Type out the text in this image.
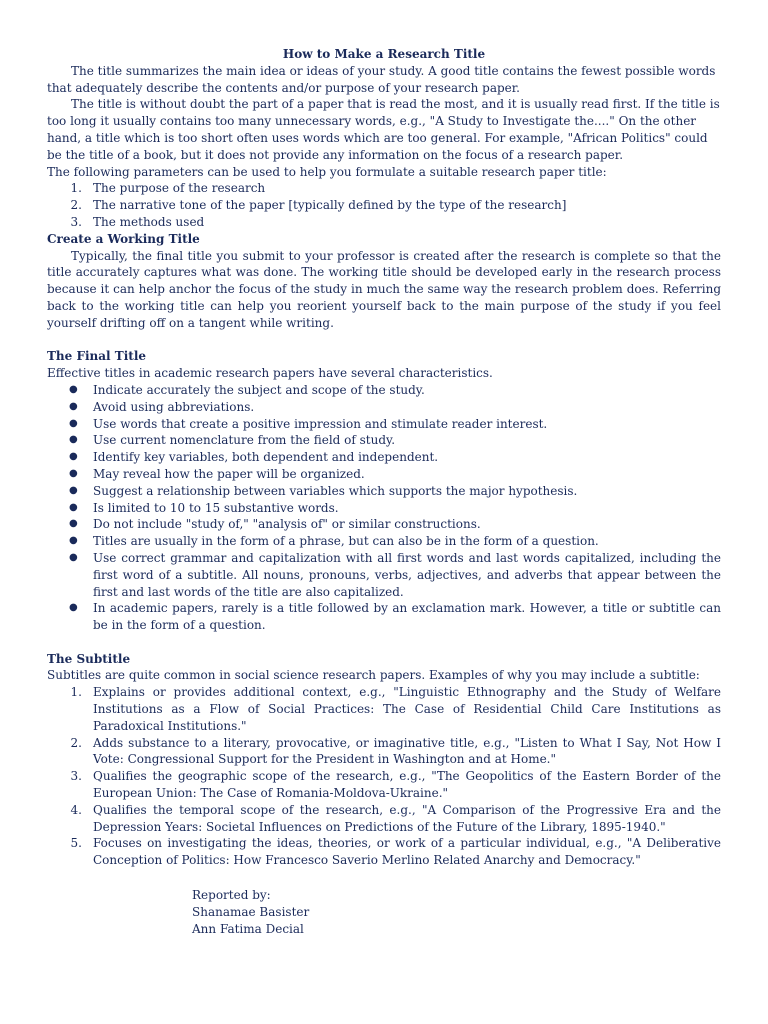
How to Make a Research Title

The title summarizes the main idea or ideas of your study. A good title contains the fewest possible words that adequately describe the contents and/or purpose of your research paper.

The title is without doubt the part of a paper that is read the most, and it is usually read first. If the title is too long it usually contains too many unnecessary words, e.g., "A Study to Investigate the...." On the other hand, a title which is too short often uses words which are too general. For example, "African Politics" could be the title of a book, but it does not provide any information on the focus of a research paper.

The following parameters can be used to help you formulate a suitable research paper title:

1. The purpose of the research
2. The narrative tone of the paper [typically defined by the type of the research]
3. The methods used

Create a Working Title

Typically, the final title you submit to your professor is created after the research is complete so that the title accurately captures what was done. The working title should be developed early in the research process because it can help anchor the focus of the study in much the same way the research problem does. Referring back to the working title can help you reorient yourself back to the main purpose of the study if you feel yourself drifting off on a tangent while writing.

The Final Title

Effective titles in academic research papers have several characteristics.

● Indicate accurately the subject and scope of the study.
● Avoid using abbreviations.
● Use words that create a positive impression and stimulate reader interest.
● Use current nomenclature from the field of study.
● Identify key variables, both dependent and independent.
● May reveal how the paper will be organized.
● Suggest a relationship between variables which supports the major hypothesis.
● Is limited to 10 to 15 substantive words.
● Do not include "study of," "analysis of" or similar constructions.
● Titles are usually in the form of a phrase, but can also be in the form of a question.
● Use correct grammar and capitalization with all first words and last words capitalized, including the first word of a subtitle. All nouns, pronouns, verbs, adjectives, and adverbs that appear between the first and last words of the title are also capitalized.
● In academic papers, rarely is a title followed by an exclamation mark. However, a title or subtitle can be in the form of a question.

The Subtitle

Subtitles are quite common in social science research papers. Examples of why you may include a subtitle:

1. Explains or provides additional context, e.g., "Linguistic Ethnography and the Study of Welfare Institutions as a Flow of Social Practices: The Case of Residential Child Care Institutions as Paradoxical Institutions."
2. Adds substance to a literary, provocative, or imaginative title, e.g., "Listen to What I Say, Not How I Vote: Congressional Support for the President in Washington and at Home."
3. Qualifies the geographic scope of the research, e.g., "The Geopolitics of the Eastern Border of the European Union: The Case of Romania-Moldova-Ukraine."
4. Qualifies the temporal scope of the research, e.g., "A Comparison of the Progressive Era and the Depression Years: Societal Influences on Predictions of the Future of the Library, 1895-1940."
5. Focuses on investigating the ideas, theories, or work of a particular individual, e.g., "A Deliberative Conception of Politics: How Francesco Saverio Merlino Related Anarchy and Democracy."

Reported by:

Shanamae Basister

Ann Fatima Decial
